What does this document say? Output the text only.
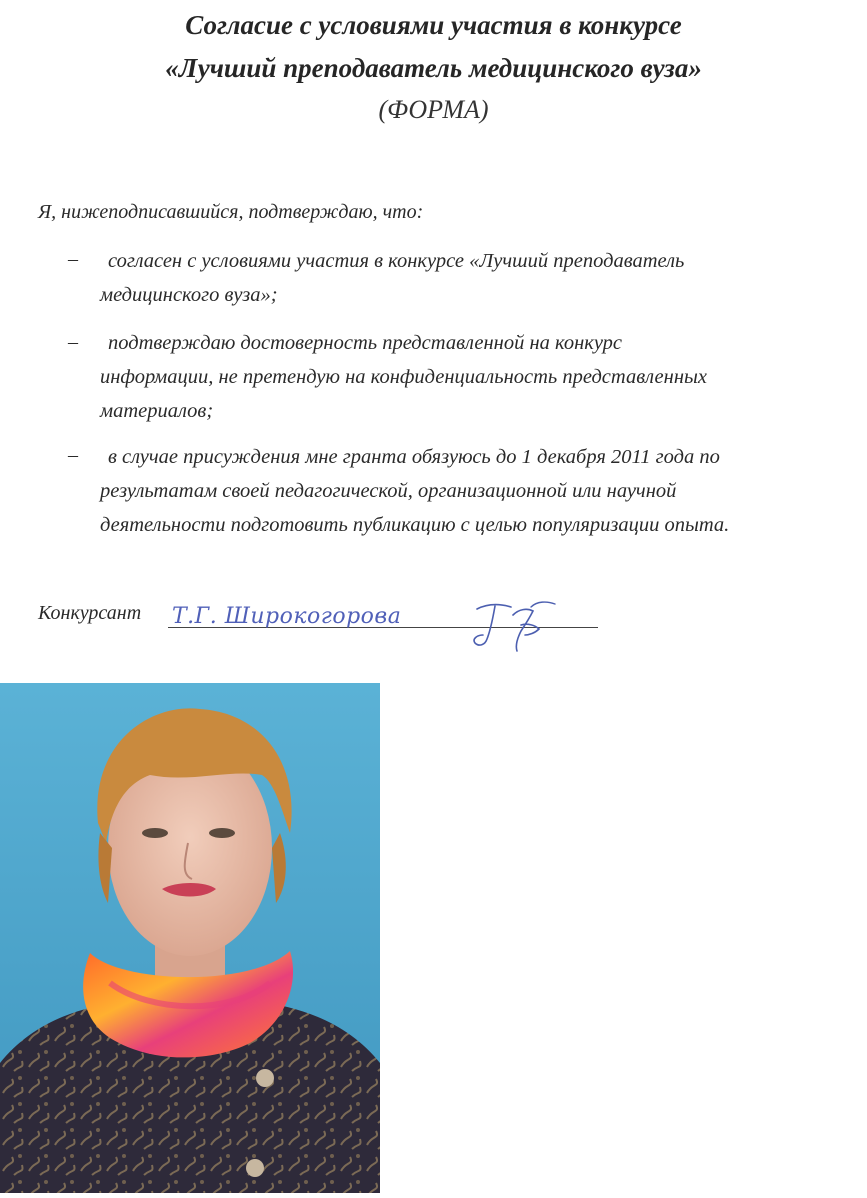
Согласие с условиями участия в конкурсе
«Лучший преподаватель медицинского вуза»
(ФОРМА)
Я, нижеподписавшийся, подтверждаю, что:
–	согласен с условиями участия в конкурсе «Лучший преподаватель
медицинского вуза»;
–	подтверждаю достоверность представленной на конкурс
информации, не претендую на конфиденциальность представленных
материалов;
–	в случае присуждения мне гранта обязуюсь до 1 декабря 2011 года по
результатам своей педагогической, организационной или научной
деятельности подготовить публикацию с целью популяризации опыта.
Конкурсант Т.Г. Широкогорова
